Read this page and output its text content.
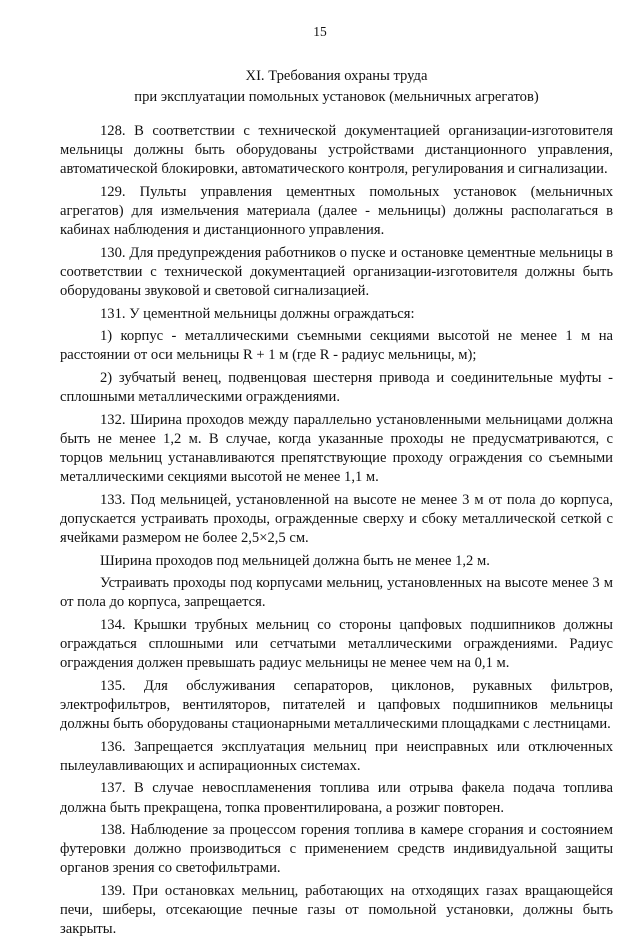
15
XI. Требования охраны труда
при эксплуатации помольных установок (мельничных агрегатов)

128. В соответствии с технической документацией организации-изготовителя мельницы должны быть оборудованы устройствами дистанционного управления, автоматической блокировки, автоматического контроля, регулирования и сигнализации.

129. Пульты управления цементных помольных установок (мельничных агрегатов) для измельчения материала (далее - мельницы) должны располагаться в кабинах наблюдения и дистанционного управления.

130. Для предупреждения работников о пуске и остановке цементные мельницы в соответствии с технической документацией организации-изготовителя должны быть оборудованы звуковой и световой сигнализацией.

131. У цементной мельницы должны ограждаться:

1) корпус - металлическими съемными секциями высотой не менее 1 м на расстоянии от оси мельницы R + 1 м (где R - радиус мельницы, м);

2) зубчатый венец, подвенцовая шестерня привода и соединительные муфты - сплошными металлическими ограждениями.

132. Ширина проходов между параллельно установленными мельницами должна быть не менее 1,2 м. В случае, когда указанные проходы не предусматриваются, с торцов мельниц устанавливаются препятствующие проходу ограждения со съемными металлическими секциями высотой не менее 1,1 м.

133. Под мельницей, установленной на высоте не менее 3 м от пола до корпуса, допускается устраивать проходы, огражденные сверху и сбоку металлической сеткой с ячейками размером не более 2,5×2,5 см.

Ширина проходов под мельницей должна быть не менее 1,2 м.

Устраивать проходы под корпусами мельниц, установленных на высоте менее 3 м от пола до корпуса, запрещается.

134. Крышки трубных мельниц со стороны цапфовых подшипников должны ограждаться сплошными или сетчатыми металлическими ограждениями. Радиус ограждения должен превышать радиус мельницы не менее чем на 0,1 м.

135. Для обслуживания сепараторов, циклонов, рукавных фильтров, электрофильтров, вентиляторов, питателей и цапфовых подшипников мельницы должны быть оборудованы стационарными металлическими площадками с лестницами.

136. Запрещается эксплуатация мельниц при неисправных или отключенных пылеулавливающих и аспирационных системах.

137. В случае невоспламенения топлива или отрыва факела подача топлива должна быть прекращена, топка провентилирована, а розжиг повторен.

138. Наблюдение за процессом горения топлива в камере сгорания и состоянием футеровки должно производиться с применением средств индивидуальной защиты органов зрения со светофильтрами.

139. При остановках мельниц, работающих на отходящих газах вращающейся печи, шиберы, отсекающие печные газы от помольной установки, должны быть закрыты.
